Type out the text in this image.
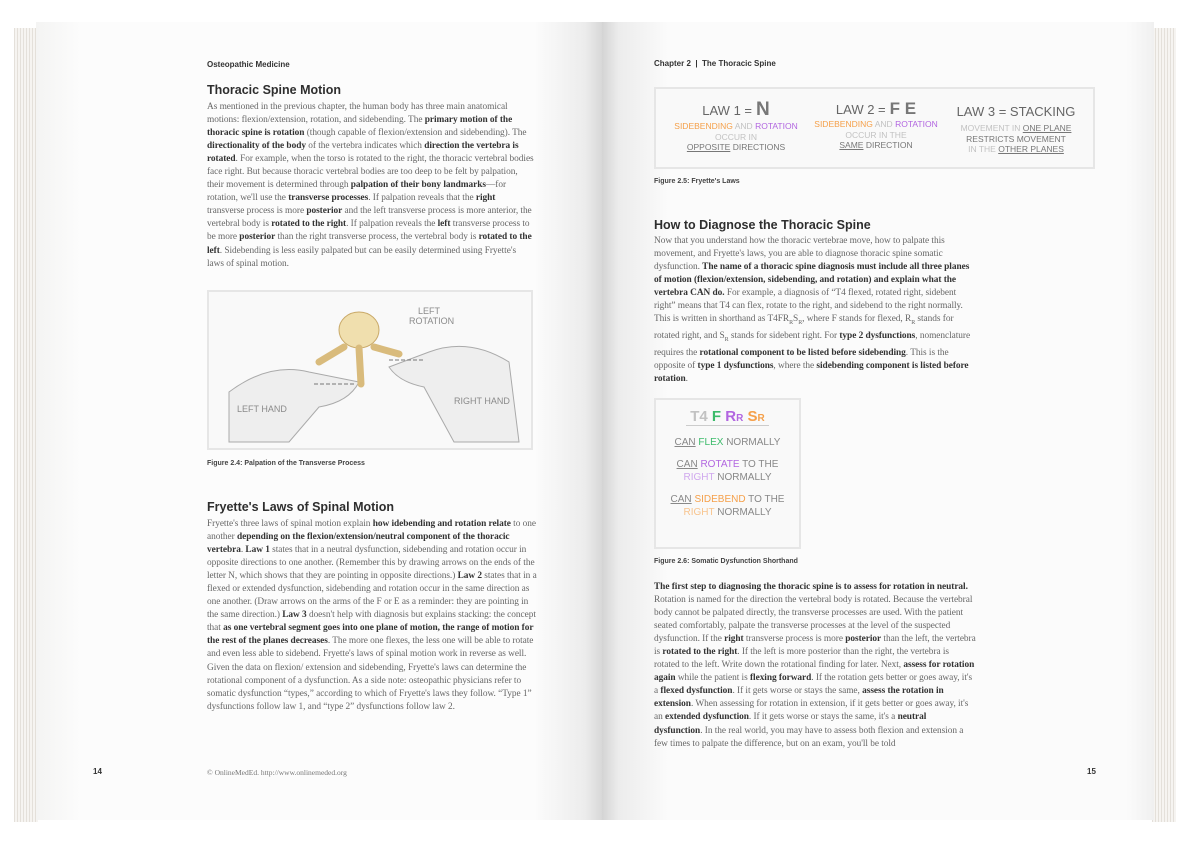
Osteopathic Medicine
Thoracic Spine Motion
As mentioned in the previous chapter, the human body has three main anatomical motions: flexion/extension, rotation, and sidebending. The primary motion of the thoracic spine is rotation (though capable of flexion/extension and sidebending). The directionality of the body of the vertebra indicates which direction the vertebra is rotated. For example, when the torso is rotated to the right, the thoracic vertebral bodies face right. But because thoracic vertebral bodies are too deep to be felt by palpation, their movement is determined through palpation of their bony landmarks—for rotation, we'll use the transverse processes. If palpation reveals that the right transverse process is more posterior and the left transverse process is more anterior, the vertebral body is rotated to the right. If palpation reveals the left transverse process to be more posterior than the right transverse process, the vertebral body is rotated to the left. Sidebending is less easily palpated but can be easily determined using Fryette's laws of spinal motion.
LEFT ROTATION
LEFT HAND
RIGHT HAND
Figure 2.4: Palpation of the Transverse Process
Fryette's Laws of Spinal Motion
Fryette's three laws of spinal motion explain how idebending and rotation relate to one another depending on the flexion/extension/neutral component of the thoracic vertebra. Law 1 states that in a neutral dysfunction, sidebending and rotation occur in opposite directions to one another. (Remember this by drawing arrows on the ends of the letter N, which shows that they are pointing in opposite directions.) Law 2 states that in a flexed or extended dysfunction, sidebending and rotation occur in the same direction as one another. (Draw arrows on the arms of the F or E as a reminder: they are pointing in the same direction.) Law 3 doesn't help with diagnosis but explains stacking: the concept that as one vertebral segment goes into one plane of motion, the range of motion for the rest of the planes decreases. The more one flexes, the less one will be able to rotate and even less able to sidebend. Fryette's laws of spinal motion work in reverse as well. Given the data on flexion/ extension and sidebending, Fryette's laws can determine the rotational component of a dysfunction. As a side note: osteopathic physicians refer to somatic dysfunction “types,” according to which of Fryette's laws they follow. “Type 1” dysfunctions follow law 1, and “type 2” dysfunctions follow law 2.
14	© OnlineMedEd. http://www.onlinemeded.org
Chapter 2  |  The Thoracic Spine
LAW 1 = N
SIDEBENDING AND ROTATION
OCCUR IN
OPPOSITE DIRECTIONS
LAW 2 = F E
SIDEBENDING AND ROTATION
OCCUR IN THE
SAME DIRECTION
LAW 3 = STACKING
MOVEMENT IN ONE PLANE
RESTRICTS MOVEMENT
IN THE OTHER PLANES
Figure 2.5: Fryette's Laws
How to Diagnose the Thoracic Spine
Now that you understand how the thoracic vertebrae move, how to palpate this movement, and Fryette's laws, you are able to diagnose thoracic spine somatic dysfunction. The name of a thoracic spine diagnosis must include all three planes of motion (flexion/extension, sidebending, and rotation) and explain what the vertebra CAN do. For example, a diagnosis of “T4 flexed, rotated right, sidebent right” means that T4 can flex, rotate to the right, and sidebend to the right normally. This is written in shorthand as $T4FR_RS_R$, where F stands for flexed, $R_R$ stands for rotated right, and $S_R$ stands for sidebent right. For type 2 dysfunctions, nomenclature requires the rotational component to be listed before sidebending. This is the opposite of type 1 dysfunctions, where the sidebending component is listed before rotation.
T4 F RR SR
CAN FLEX NORMALLY
CAN ROTATE TO THE
RIGHT NORMALLY
CAN SIDEBEND TO THE
RIGHT NORMALLY
Figure 2.6: Somatic Dysfunction Shorthand
The first step to diagnosing the thoracic spine is to assess for rotation in neutral. Rotation is named for the direction the vertebral body is rotated. Because the vertebral body cannot be palpated directly, the transverse processes are used. With the patient seated comfortably, palpate the transverse processes at the level of the suspected dysfunction. If the right transverse process is more posterior than the left, the vertebra is rotated to the right. If the left is more posterior than the right, the vertebra is rotated to the left. Write down the rotational finding for later. Next, assess for rotation again while the patient is flexing forward. If the rotation gets better or goes away, it's a flexed dysfunction. If it gets worse or stays the same, assess the rotation in extension. When assessing for rotation in extension, if it gets better or goes away, it's an extended dysfunction. If it gets worse or stays the same, it's a neutral dysfunction. In the real world, you may have to assess both flexion and extension a few times to palpate the difference, but on an exam, you'll be told
15
